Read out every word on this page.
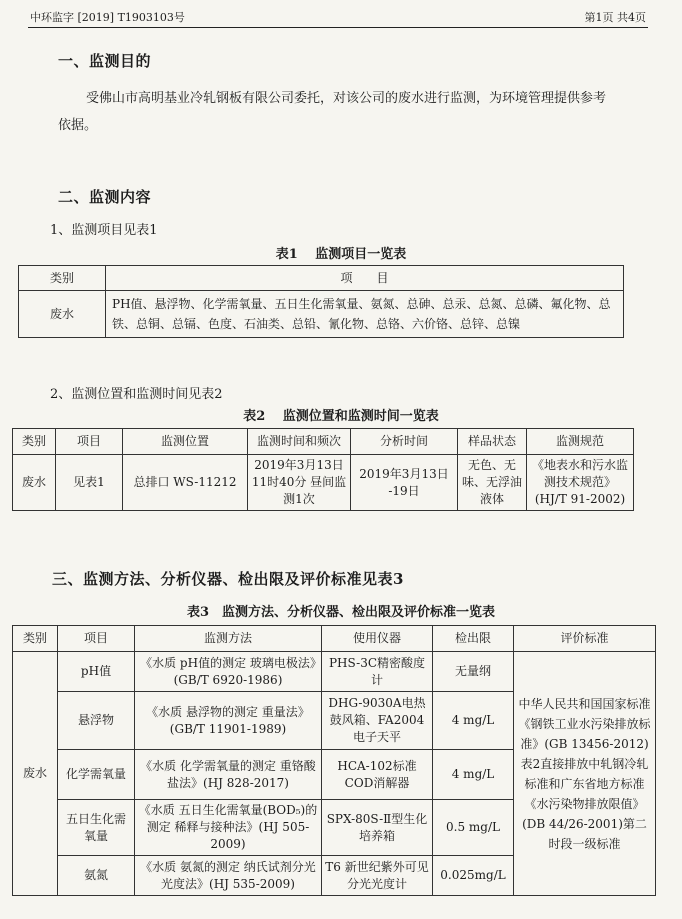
中环监字 [2019] T1903103号	第1页 共4页
一、监测目的
受佛山市高明基业冷轧钢板有限公司委托，对该公司的废水进行监测，为环境管理提供参考依据。
二、监测内容
1、监测项目见表1
表1　 监测项目一览表
类别	项　　目
废水	PH值、悬浮物、化学需氧量、五日生化需氧量、氨氮、总砷、总汞、总氮、总磷、氟化物、总铁、总铜、总镉、色度、石油类、总铅、氰化物、总铬、六价铬、总锌、总镍
2、监测位置和监测时间见表2
表2　 监测位置和监测时间一览表
类别	项目	监测位置	监测时间和频次	分析时间	样品状态	监测规范
废水	见表1	总排口 WS-11212	2019年3月13日 11时40分 昼间监测1次	2019年3月13日 -19日	无色、无味、无浮油液体	《地表水和污水监测技术规范》 (HJ/T 91-2002)
三、监测方法、分析仪器、检出限及评价标准见表3
表3　监测方法、分析仪器、检出限及评价标准一览表
类别	项目	监测方法	使用仪器	检出限	评价标准
废水	pH值	《水质 pH值的测定 玻璃电极法》(GB/T 6920-1986)	PHS-3C精密酸度计	无量纲	中华人民共和国国家标准《钢铁工业水污染排放标准》(GB 13456-2012)表2直接排放中轧钢冷轧标准和广东省地方标准《水污染物排放限值》(DB 44/26-2001)第二时段一级标准
	悬浮物	《水质 悬浮物的测定 重量法》(GB/T 11901-1989)	DHG-9030A电热鼓风箱、FA2004电子天平	4 mg/L	
	化学需氧量	《水质 化学需氧量的测定 重铬酸盐法》(HJ 828-2017)	HCA-102标准COD消解器	4 mg/L	
	五日生化需氧量	《水质 五日生化需氧量(BOD₅)的测定 稀释与接种法》(HJ 505-2009)	SPX-80S-Ⅱ型生化培养箱	0.5 mg/L	
	氨氮	《水质 氨氮的测定 纳氏试剂分光光度法》(HJ 535-2009)	T6 新世纪紫外可见分光光度计	0.025mg/L	
